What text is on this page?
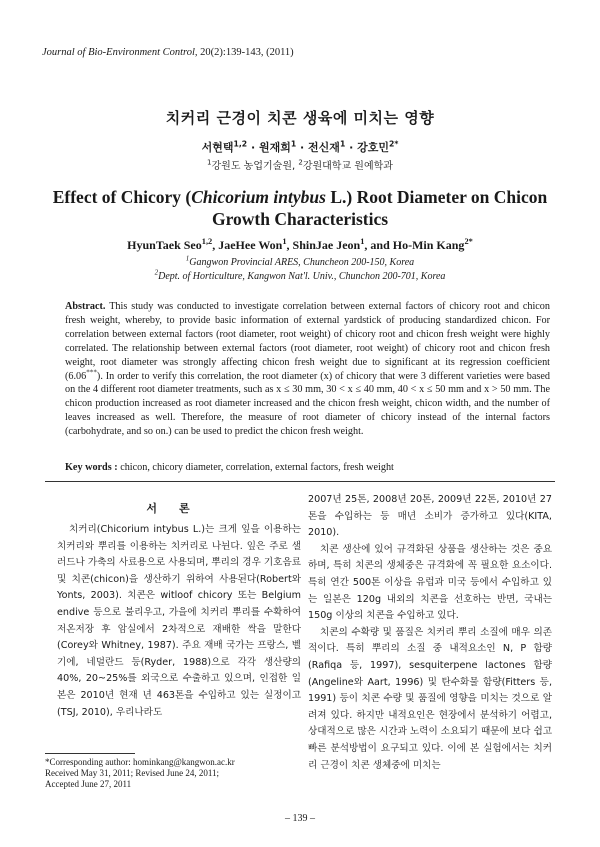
Journal of Bio-Environment Control, 20(2):139-143, (2011)
치커리 근경이 치콘 생육에 미치는 영향
서현택$^{1,2}$ · 원재희$^1$ · 전신재$^1$ · 강호민$^{2*}$
$^1$강원도 농업기술원, $^2$강원대학교 원예학과
Effect of Chicory (Chicorium intybus L.) Root Diameter on Chicon
Growth Characteristics
HyunTaek Seo$^{1,2}$, JaeHee Won$^1$, ShinJae Jeon$^1$, and Ho-Min Kang$^{2*}$
$^1$Gangwon Provincial ARES, Chuncheon 200-150, Korea
$^2$Dept. of Horticulture, Kangwon Nat'l. Univ., Chunchon 200-701, Korea
Abstract. This study was conducted to investigate correlation between external factors of chicory root and chicon fresh weight, whereby, to provide basic information of external yardstick of producing standardized chicon. For correlation between external factors (root diameter, root weight) of chicory root and chicon fresh weight were highly correlated. The relationship between external factors (root diameter, root weight) of chicory root and chicon fresh weight, root diameter was strongly affecting chicon fresh weight due to significant at its regression coefficient (6.06***). In order to verify this correlation, the root diameter (x) of chicory that were 3 different varieties were based on the 4 different root diameter treatments, such as x ≤ 30 mm, 30 < x ≤ 40 mm, 40 < x ≤ 50 mm and x > 50 mm. The chicon production increased as root diameter increased and the chicon fresh weight, chicon width, and the number of leaves increased as well. Therefore, the measure of root diameter of chicory instead of the internal factors (carbohydrate, and so on.) can be used to predict the chicon fresh weight.
Key words : chicon, chicory diameter, correlation, external factors, fresh weight
서론

치커리(Chicorium intybus L.)는 크게 잎을 이용하는 치커리와 뿌리를 이용하는 치커리로 나뉜다. 잎은 주로 샐러드나 가축의 사료용으로 사용되며, 뿌리의 경우 기호음료 및 치콘(chicon)을 생산하기 위하여 사용된다(Robert와 Yonts, 2003). 치콘은 witloof chicory 또는 Belgium endive 등으로 불리우고, 가을에 치커리 뿌리를 수확하여 저온저장 후 암실에서 2차적으로 재배한 싹을 말한다(Corey와 Whitney, 1987). 주요 재배 국가는 프랑스, 벨기에, 네덜란드 등(Ryder, 1988)으로 각각 생산량의 40%, 20~25%를 외국으로 수출하고 있으며, 인접한 일본은 2010년 현재 년 463톤을 수입하고 있는 실정이고(TSJ, 2010), 우리나라도

*Corresponding author: hominkang@kangwon.ac.kr
Received May 31, 2011; Revised June 24, 2011;
Accepted June 27, 2011

2007년 25톤, 2008년 20톤, 2009년 22톤, 2010년 27톤을 수입하는 등 매년 소비가 증가하고 있다(KITA, 2010).

치콘 생산에 있어 규격화된 상품을 생산하는 것은 중요하며, 특히 치콘의 생체중은 규격화에 꼭 필요한 요소이다. 특히 연간 500톤 이상을 유럽과 미국 등에서 수입하고 있는 일본은 120g 내외의 치콘을 선호하는 반면, 국내는 150g 이상의 치콘을 수입하고 있다.

치콘의 수확량 및 품질은 치커리 뿌리 소질에 매우 의존적이다. 특히 뿌리의 소질 중 내적요소인 N, P 함량(Rafiqa 등, 1997), sesquiterpene lactones 함량(Angeline와 Aart, 1996) 및 탄수화물 함량(Fitters 등, 1991) 등이 치콘 수량 및 품질에 영향을 미치는 것으로 알려져 있다. 하지만 내적요인은 현장에서 분석하기 어렵고, 상대적으로 많은 시간과 노력이 소요되기 때문에 보다 쉽고 빠른 분석방법이 요구되고 있다. 이에 본 실험에서는 치커리 근경이 치콘 생체중에 미치는

– 139 –
